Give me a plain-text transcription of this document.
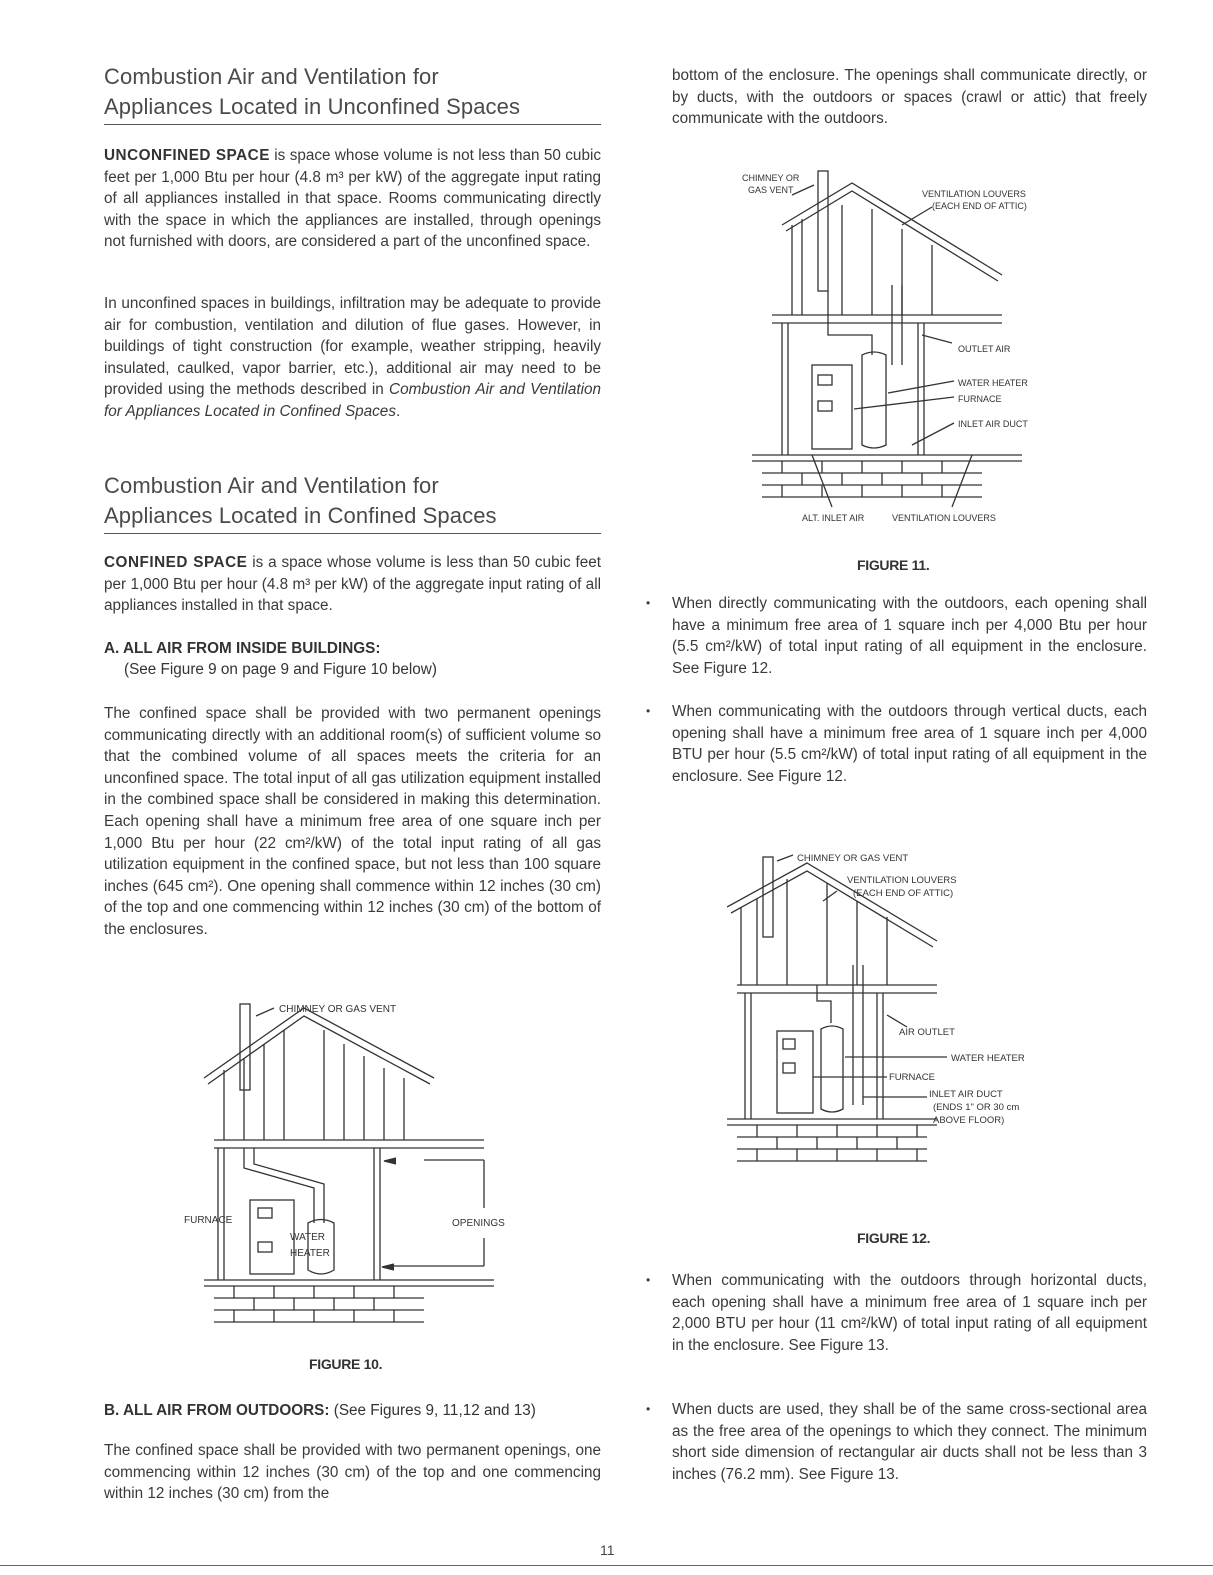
Combustion Air and Ventilation for
Appliances Located in Unconfined Spaces
UNCONFINED SPACE is space whose volume is not less than 50 cubic feet per 1,000 Btu per hour (4.8 m³ per kW) of the aggregate input rating of all appliances installed in that space. Rooms communicating directly with the space in which the appliances are installed, through openings not furnished with doors, are considered a part of the unconfined space.
In unconfined spaces in buildings, infiltration may be adequate to provide air for combustion, ventilation and dilution of flue gases. However, in buildings of tight construction (for example, weather stripping, heavily insulated, caulked, vapor barrier, etc.), additional air may need to be provided using the methods described in Combustion Air and Ventilation for Appliances Located in Confined Spaces.
Combustion Air and Ventilation for
Appliances Located in Confined Spaces
CONFINED SPACE is a space whose volume is less than 50 cubic feet per 1,000 Btu per hour (4.8 m³ per kW) of the aggregate input rating of all appliances installed in that space.
A. ALL AIR FROM INSIDE BUILDINGS:
(See Figure 9 on page 9 and Figure 10 below)
The confined space shall be provided with two permanent openings communicating directly with an additional room(s) of sufficient volume so that the combined volume of all spaces meets the criteria for an unconfined space. The total input of all gas utilization equipment installed in the combined space shall be considered in making this determination. Each opening shall have a minimum free area of one square inch per 1,000 Btu per hour (22 cm²/kW) of the total input rating of all gas utilization equipment in the confined space, but not less than 100 square inches (645 cm²). One opening shall commence within 12 inches (30 cm) of the top and one commencing within 12 inches (30 cm) of the bottom of the enclosures.
CHIMNEY OR GAS VENT
FURNACE
WATER
HEATER
OPENINGS
FIGURE 10.
B. ALL AIR FROM OUTDOORS: (See Figures 9, 11,12 and 13)
The confined space shall be provided with two permanent openings, one commencing within 12 inches (30 cm) of the top and one commencing within 12 inches (30 cm) from the
bottom of the enclosure. The openings shall communicate directly, or by ducts, with the outdoors or spaces (crawl or attic) that freely communicate with the outdoors.
CHIMNEY OR
GAS VENT	VENTILATION LOUVERS
(EACH END OF ATTIC)
OUTLET AIR
WATER HEATER
FURNACE
INLET AIR DUCT
ALT. INLET AIR	VENTILATION LOUVERS
FIGURE 11.
• When directly communicating with the outdoors, each opening shall have a minimum free area of 1 square inch per 4,000 Btu per hour (5.5 cm²/kW) of total input rating of all equipment in the enclosure. See Figure 12.
• When communicating with the outdoors through vertical ducts, each opening shall have a minimum free area of 1 square inch per 4,000 BTU per hour (5.5 cm²/kW) of total input rating of all equipment in the enclosure. See Figure 12.
CHIMNEY OR GAS VENT
VENTILATION LOUVERS
(EACH END OF ATTIC)
AIR OUTLET
WATER HEATER
FURNACE
INLET AIR DUCT
(ENDS 1" OR 30 cm
ABOVE FLOOR)
FIGURE 12.
• When communicating with the outdoors through horizontal ducts, each opening shall have a minimum free area of 1 square inch per 2,000 BTU per hour (11 cm²/kW) of total input rating of all equipment in the enclosure. See Figure 13.
• When ducts are used, they shall be of the same cross-sectional area as the free area of the openings to which they connect. The minimum short side dimension of rectangular air ducts shall not be less than 3 inches (76.2 mm). See Figure 13.
11
